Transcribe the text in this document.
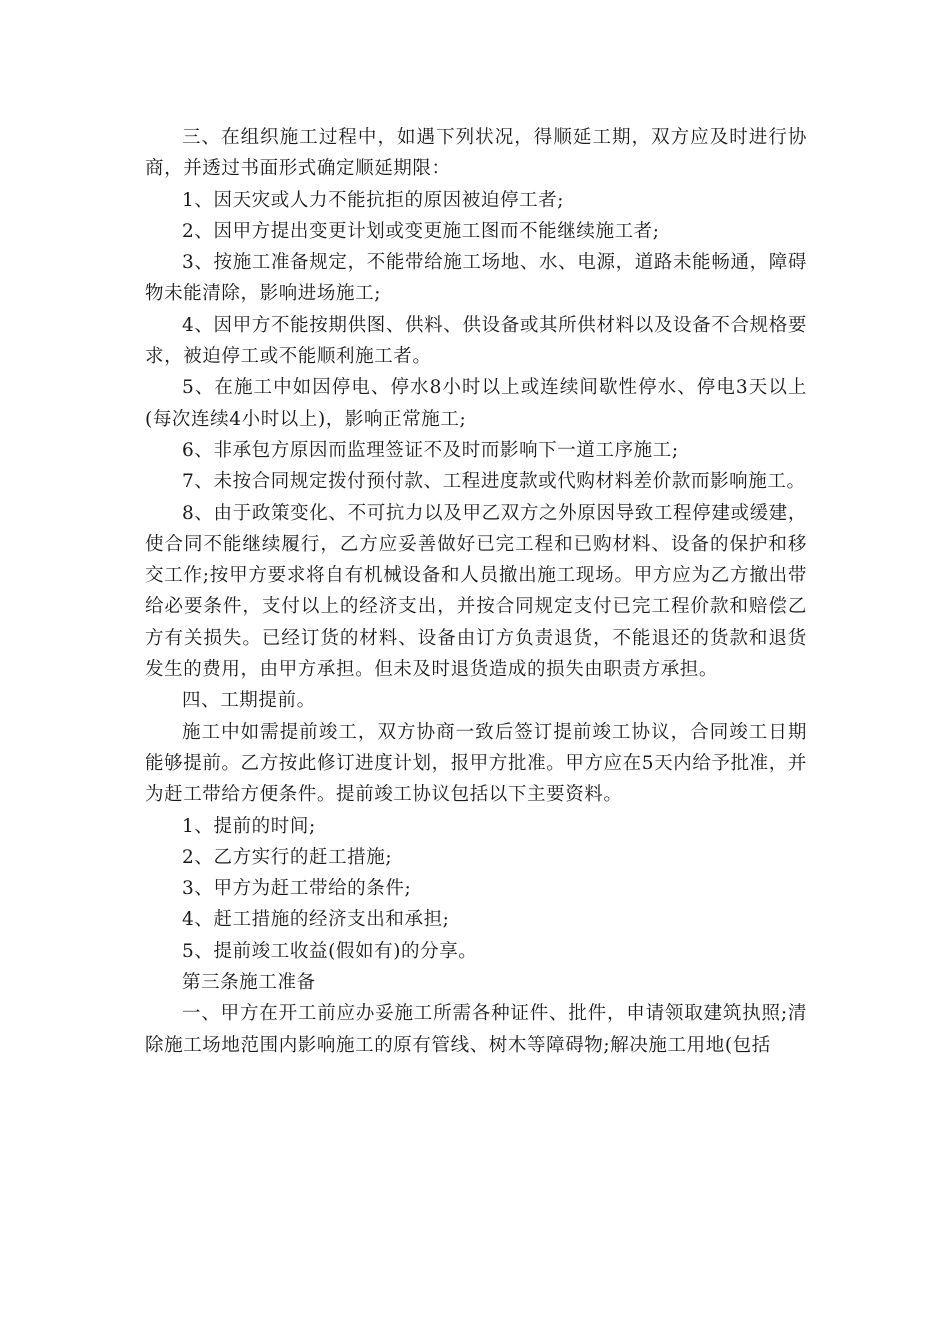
三、在组织施工过程中，如遇下列状况，得顺延工期，双方应及时进行协商，并透过书面形式确定顺延期限：

1、因天灾或人力不能抗拒的原因被迫停工者;

2、因甲方提出变更计划或变更施工图而不能继续施工者;

3、按施工准备规定，不能带给施工场地、水、电源，道路未能畅通，障碍物未能清除，影响进场施工;

4、因甲方不能按期供图、供料、供设备或其所供材料以及设备不合规格要求，被迫停工或不能顺利施工者。

5、在施工中如因停电、停水8小时以上或连续间歇性停水、停电3天以上(每次连续4小时以上)，影响正常施工;

6、非承包方原因而监理签证不及时而影响下一道工序施工;

7、未按合同规定拨付预付款、工程进度款或代购材料差价款而影响施工。

8、由于政策变化、不可抗力以及甲乙双方之外原因导致工程停建或缓建，使合同不能继续履行，乙方应妥善做好已完工程和已购材料、设备的保护和移交工作;按甲方要求将自有机械设备和人员撤出施工现场。甲方应为乙方撤出带给必要条件，支付以上的经济支出，并按合同规定支付已完工程价款和赔偿乙方有关损失。已经订货的材料、设备由订方负责退货，不能退还的货款和退货发生的费用，由甲方承担。但未及时退货造成的损失由职责方承担。

四、工期提前。

施工中如需提前竣工，双方协商一致后签订提前竣工协议，合同竣工日期能够提前。乙方按此修订进度计划，报甲方批准。甲方应在5天内给予批准，并为赶工带给方便条件。提前竣工协议包括以下主要资料。

1、提前的时间;

2、乙方实行的赶工措施;

3、甲方为赶工带给的条件;

4、赶工措施的经济支出和承担;

5、提前竣工收益(假如有)的分享。

第三条施工准备

一、甲方在开工前应办妥施工所需各种证件、批件，申请领取建筑执照;清除施工场地范围内影响施工的原有管线、树木等障碍物;解决施工用地(包括
